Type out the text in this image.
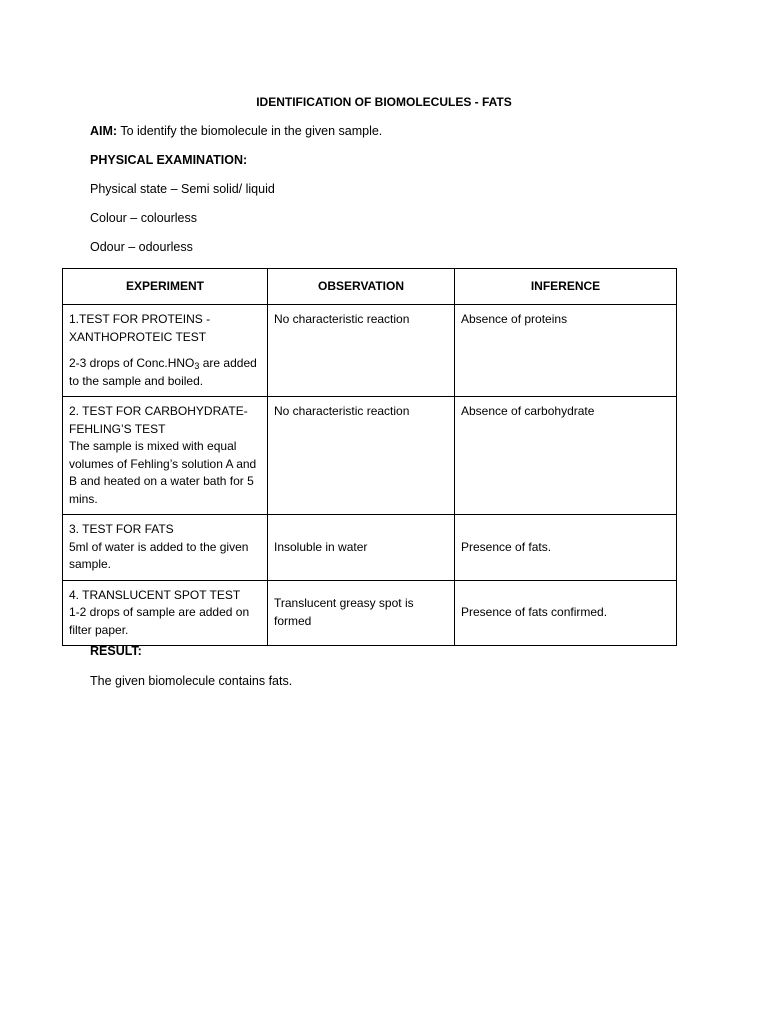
IDENTIFICATION OF BIOMOLECULES - FATS
AIM: To identify the biomolecule in the given sample.
PHYSICAL EXAMINATION:
Physical state – Semi solid/ liquid
Colour – colourless
Odour – odourless
EXPERIMENT	OBSERVATION	INFERENCE

1.TEST FOR PROTEINS -
XANTHOPROTEIC TEST
2-3 drops of $Conc.HNO_3$ are added to the sample and boiled.	No characteristic reaction	Absence of proteins

2. TEST FOR CARBOHYDRATE-
FEHLING’S TEST
The sample is mixed with equal volumes of Fehling’s solution A and B and heated on a water bath for 5 mins.	No characteristic reaction	Absence of carbohydrate

3. TEST FOR FATS
5ml of water is added to the given sample.	Insoluble in water	Presence of fats.

4. TRANSLUCENT SPOT TEST
1-2 drops of sample are added on filter paper.	Translucent greasy spot is formed	Presence of fats confirmed.
RESULT:
The given biomolecule contains fats.
